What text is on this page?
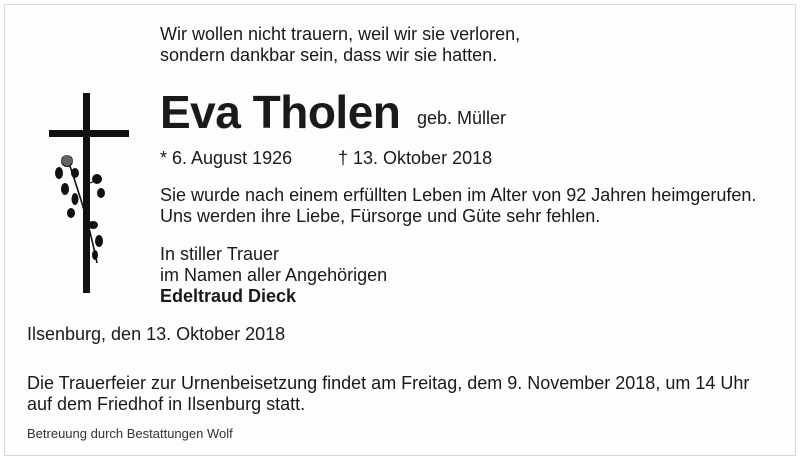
Wir wollen nicht trauern, weil wir sie verloren,
sondern dankbar sein, dass wir sie hatten.
Eva Tholen geb. Müller
* 6. August 1926	† 13. Oktober 2018
Sie wurde nach einem erfüllten Leben im Alter von 92 Jahren heimgerufen.
Uns werden ihre Liebe, Fürsorge und Güte sehr fehlen.
In stiller Trauer
im Namen aller Angehörigen
Edeltraud Dieck
Ilsenburg, den 13. Oktober 2018
Die Trauerfeier zur Urnenbeisetzung findet am Freitag, dem 9. November 2018, um 14 Uhr
auf dem Friedhof in Ilsenburg statt.
Betreuung durch Bestattungen Wolf
